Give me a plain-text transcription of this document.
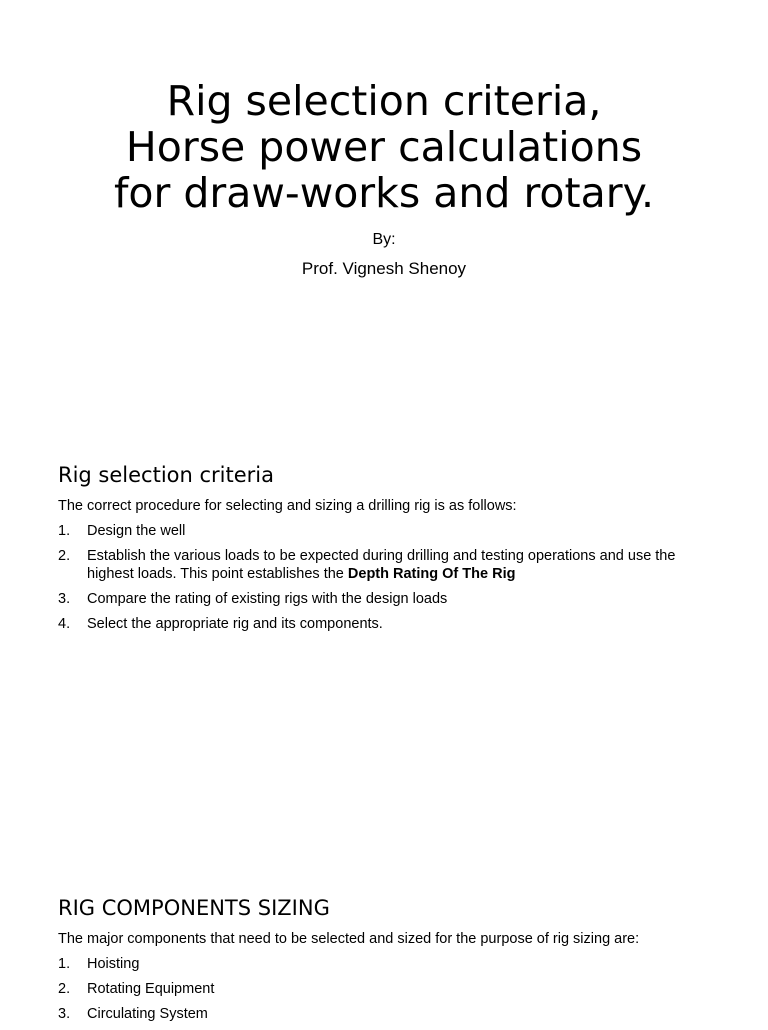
Rig selection criteria,
Horse power calculations
for draw-works and rotary.
By:
Prof. Vignesh Shenoy
Rig selection criteria

The correct procedure for selecting and sizing a drilling rig is as follows:

1. Design the well
2. Establish the various loads to be expected during drilling and testing operations and use the highest loads. This point establishes the Depth Rating Of The Rig
3. Compare the rating of existing rigs with the design loads
4. Select the appropriate rig and its components.
RIG COMPONENTS SIZING

The major components that need to be selected and sized for the purpose of rig sizing are:

1. Hoisting
2. Rotating Equipment
3. Circulating System
